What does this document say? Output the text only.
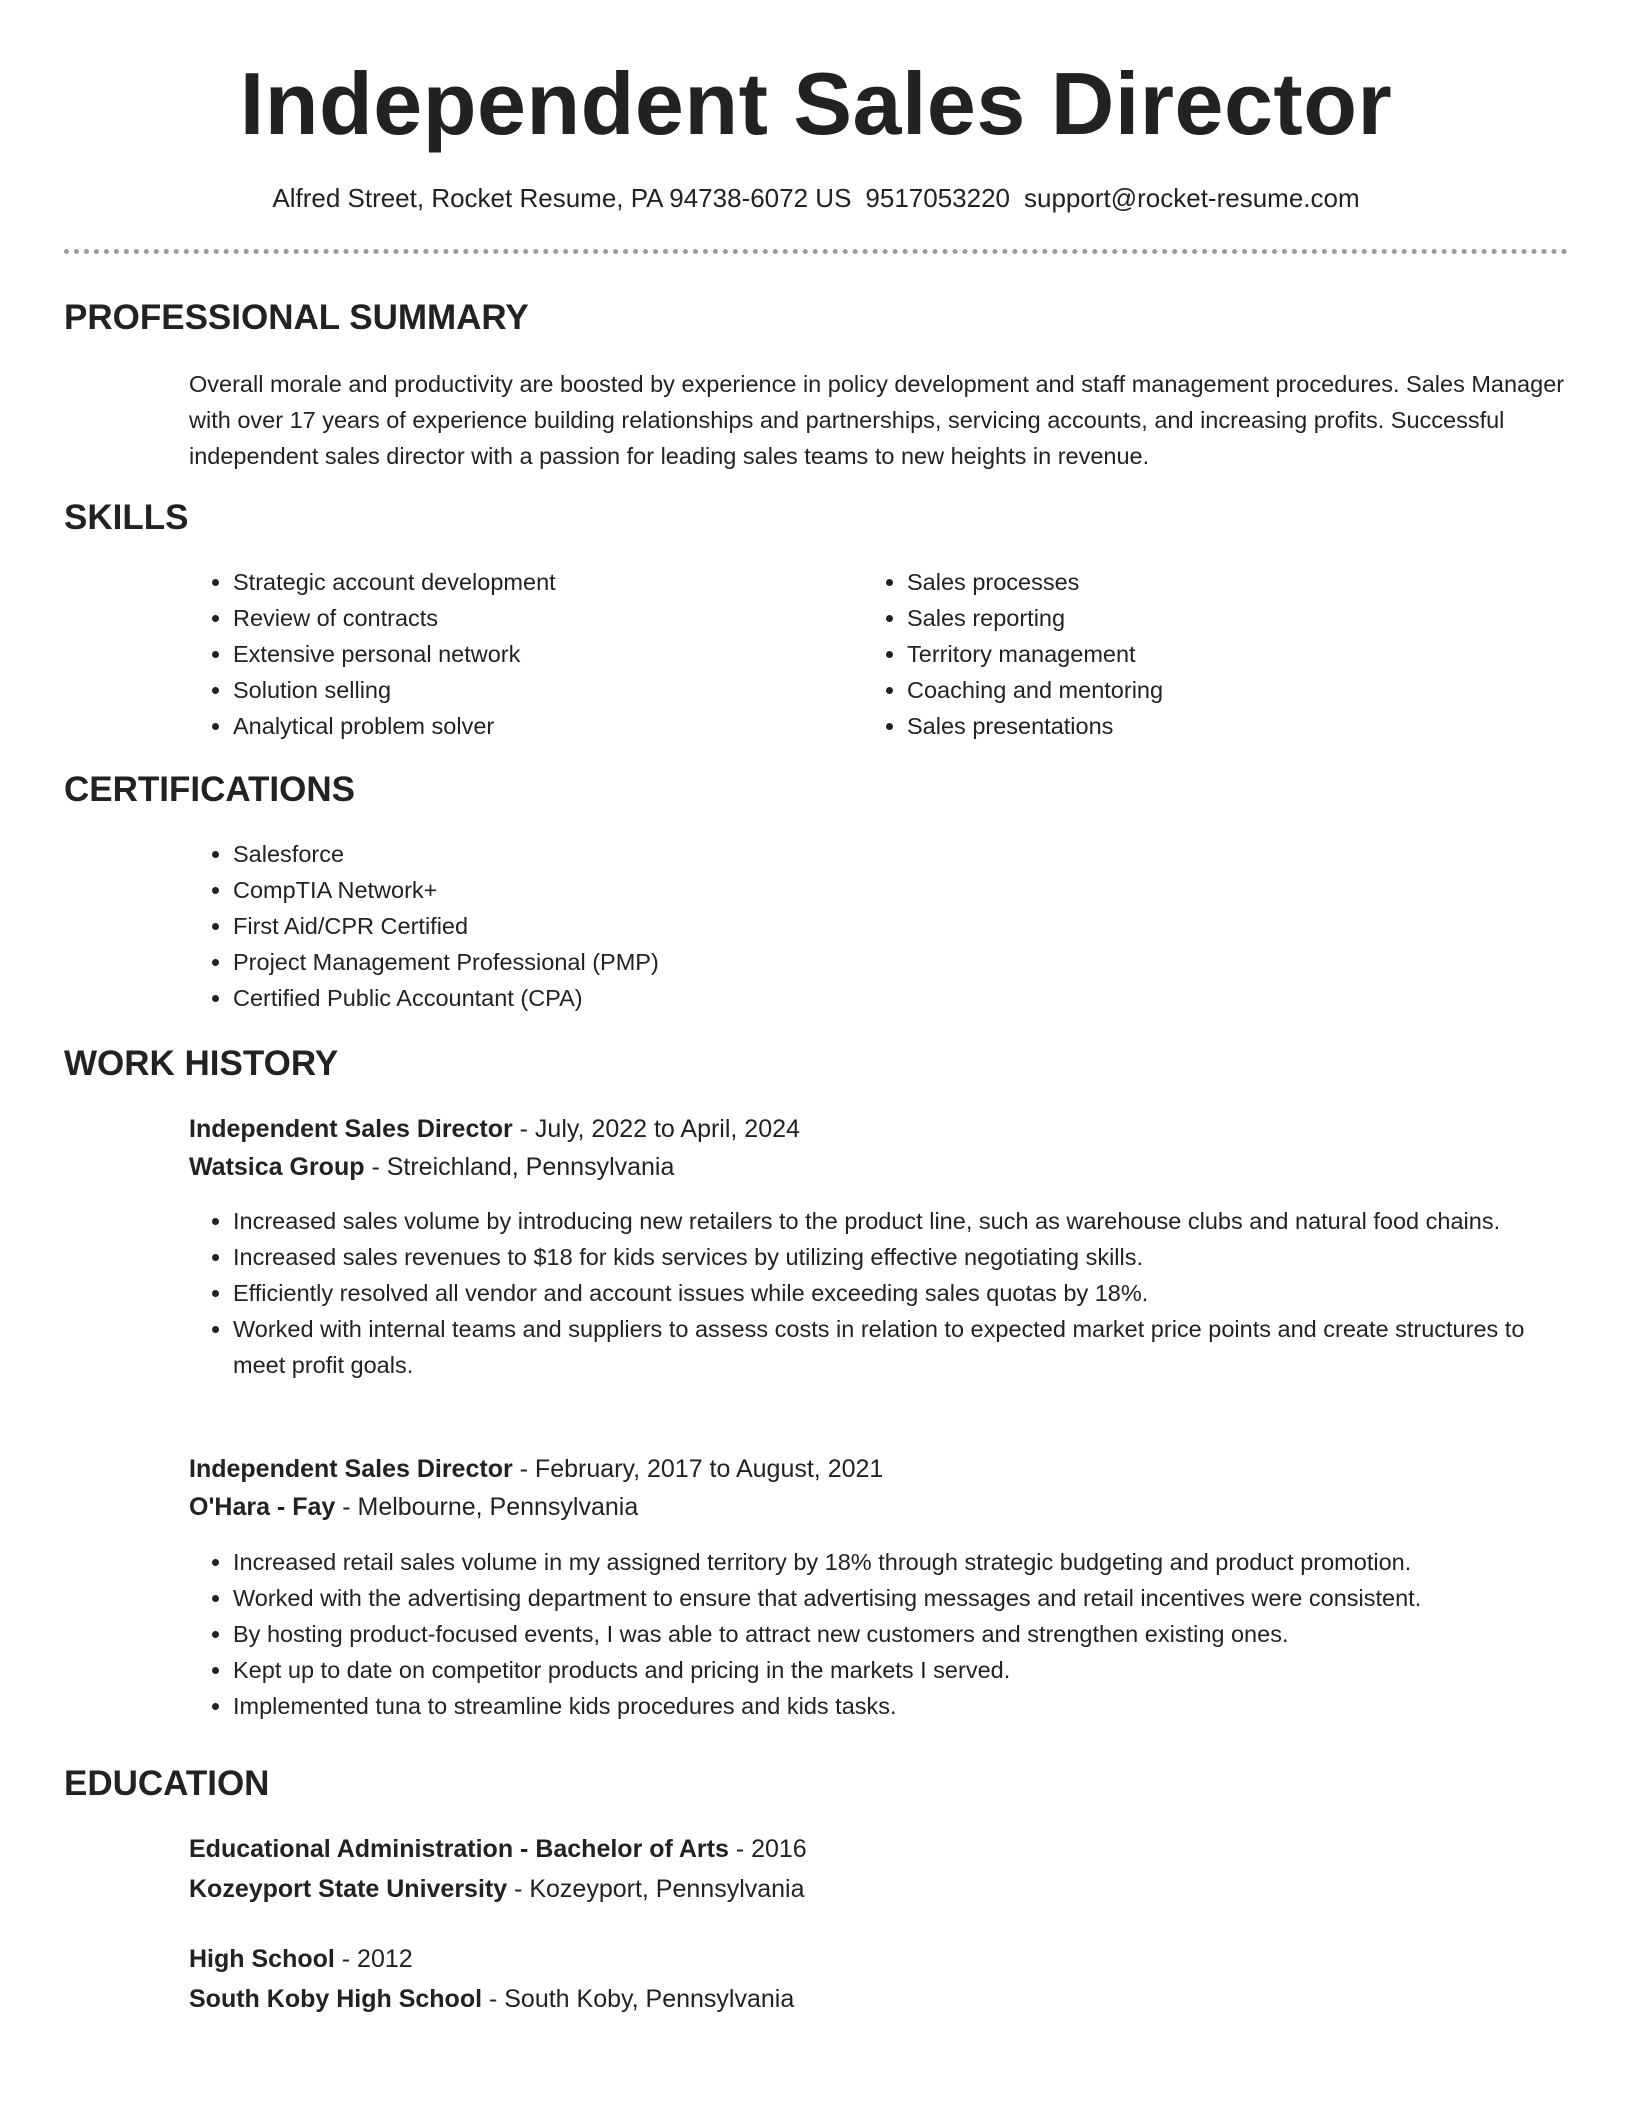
Independent Sales Director
Alfred Street, Rocket Resume, PA 94738-6072 US 9517053220 support@rocket-resume.com
PROFESSIONAL SUMMARY

Overall morale and productivity are boosted by experience in policy development and staff management procedures. Sales Manager with over 17 years of experience building relationships and partnerships, servicing accounts, and increasing profits. Successful independent sales director with a passion for leading sales teams to new heights in revenue.

SKILLS
• Strategic account development
• Review of contracts
• Extensive personal network
• Solution selling
• Analytical problem solver
• Sales processes
• Sales reporting
• Territory management
• Coaching and mentoring
• Sales presentations
CERTIFICATIONS
• Salesforce
• CompTIA Network+
• First Aid/CPR Certified
• Project Management Professional (PMP)
• Certified Public Accountant (CPA)
WORK HISTORY

Independent Sales Director - July, 2022 to April, 2024

Watsica Group - Streichland, Pennsylvania

• Increased sales volume by introducing new retailers to the product line, such as warehouse clubs and natural food chains.
• Increased sales revenues to $18 for kids services by utilizing effective negotiating skills.
• Efficiently resolved all vendor and account issues while exceeding sales quotas by 18%.
• Worked with internal teams and suppliers to assess costs in relation to expected market price points and create structures to meet profit goals.

Independent Sales Director - February, 2017 to August, 2021

O'Hara - Fay - Melbourne, Pennsylvania

• Increased retail sales volume in my assigned territory by 18% through strategic budgeting and product promotion.
• Worked with the advertising department to ensure that advertising messages and retail incentives were consistent.
• By hosting product-focused events, I was able to attract new customers and strengthen existing ones.
• Kept up to date on competitor products and pricing in the markets I served.
• Implemented tuna to streamline kids procedures and kids tasks.
EDUCATION

Educational Administration - Bachelor of Arts - 2016

Kozeyport State University - Kozeyport, Pennsylvania

High School - 2012

South Koby High School - South Koby, Pennsylvania
